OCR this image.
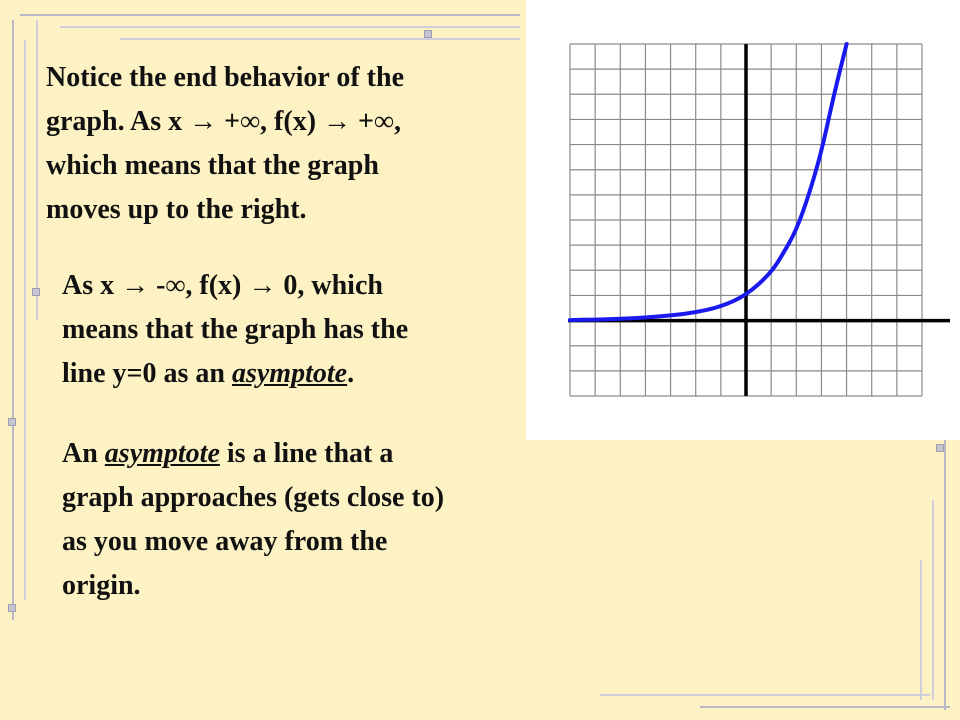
Notice the end behavior of the
graph. As x → +∞, f(x) → +∞,
which means that the graph
moves up to the right.
As x → -∞, f(x) → 0, which
means that the graph has the
line y=0 as an asymptote.
An asymptote is a line that a
graph approaches (gets close to)
as you move away from the
origin.
